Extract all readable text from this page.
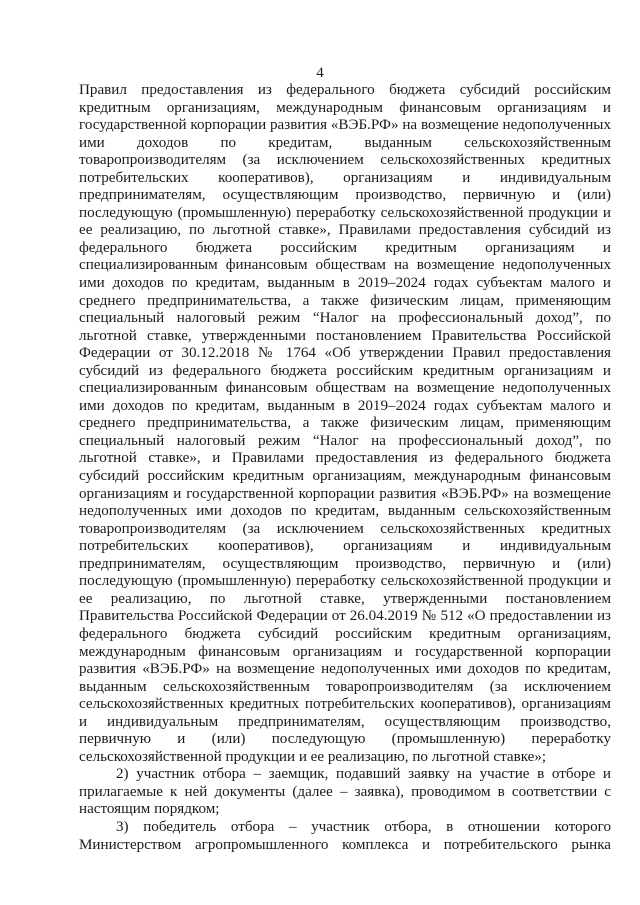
4

Правил предоставления из федерального бюджета субсидий российским кредитным организациям, международным финансовым организациям и государственной корпорации развития «ВЭБ.РФ» на возмещение недополученных ими доходов по кредитам, выданным сельскохозяйственным товаропроизводителям (за исключением сельскохозяйственных кредитных потребительских кооперативов), организациям и индивидуальным предпринимателям, осуществляющим производство, первичную и (или) последующую (промышленную) переработку сельскохозяйственной продукции и ее реализацию, по льготной ставке», Правилами предоставления субсидий из федерального бюджета российским кредитным организациям и специализированным финансовым обществам на возмещение недополученных ими доходов по кредитам, выданным в 2019–2024 годах субъектам малого и среднего предпринимательства, а также физическим лицам, применяющим специальный налоговый режим “Налог на профессиональный доход”, по льготной ставке, утвержденными постановлением Правительства Российской Федерации от 30.12.2018 № 1764 «Об утверждении Правил предоставления субсидий из федерального бюджета российским кредитным организациям и специализированным финансовым обществам на возмещение недополученных ими доходов по кредитам, выданным в 2019–2024 годах субъектам малого и среднего предпринимательства, а также физическим лицам, применяющим специальный налоговый режим “Налог на профессиональный доход”, по льготной ставке», и Правилами предоставления из федерального бюджета субсидий российским кредитным организациям, международным финансовым организациям и государственной корпорации развития «ВЭБ.РФ» на возмещение недополученных ими доходов по кредитам, выданным сельскохозяйственным товаропроизводителям (за исключением сельскохозяйственных кредитных потребительских кооперативов), организациям и индивидуальным предпринимателям, осуществляющим производство, первичную и (или) последующую (промышленную) переработку сельскохозяйственной продукции и ее реализацию, по льготной ставке, утвержденными постановлением Правительства Российской Федерации от 26.04.2019 № 512 «О предоставлении из федерального бюджета субсидий российским кредитным организациям, международным финансовым организациям и государственной корпорации развития «ВЭБ.РФ» на возмещение недополученных ими доходов по кредитам, выданным сельскохозяйственным товаропроизводителям (за исключением сельскохозяйственных кредитных потребительских кооперативов), организациям и индивидуальным предпринимателям, осуществляющим производство, первичную и (или) последующую (промышленную) переработку сельскохозяйственной продукции и ее реализацию, по льготной ставке»;

2) участник отбора – заемщик, подавший заявку на участие в отборе и прилагаемые к ней документы (далее – заявка), проводимом в соответствии с настоящим порядком;

3) победитель отбора – участник отбора, в отношении которого Министерством агропромышленного комплекса и потребительского рынка
